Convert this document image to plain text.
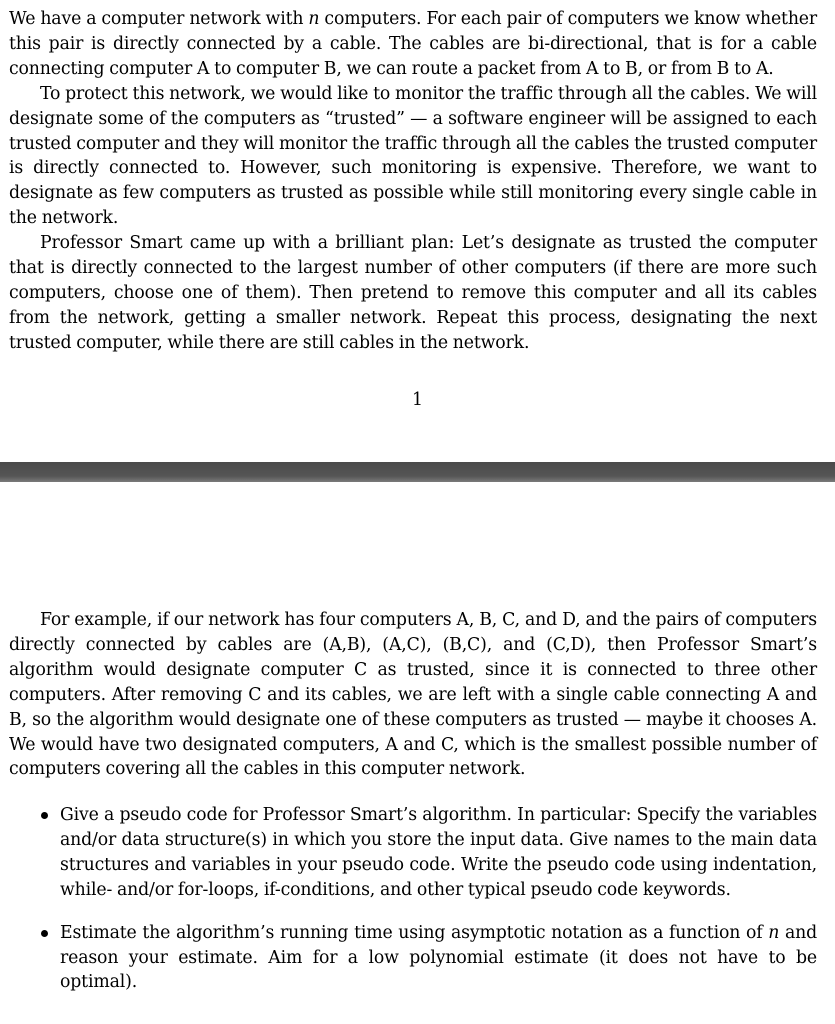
We have a computer network with n computers. For each pair of computers we know whether this pair is directly connected by a cable. The cables are bi-directional, that is for a cable connecting computer A to computer B, we can route a packet from A to B, or from B to A.

To protect this network, we would like to monitor the traffic through all the cables. We will designate some of the computers as “trusted” — a software engineer will be assigned to each trusted computer and they will monitor the traffic through all the cables the trusted computer is directly connected to. However, such monitoring is expensive. Therefore, we want to designate as few computers as trusted as possible while still monitoring every single cable in the network.

Professor Smart came up with a brilliant plan: Let’s designate as trusted the computer that is directly connected to the largest number of other computers (if there are more such computers, choose one of them). Then pretend to remove this computer and all its cables from the network, getting a smaller network. Repeat this process, designating the next trusted computer, while there are still cables in the network.

1

For example, if our network has four computers A, B, C, and D, and the pairs of computers directly connected by cables are (A,B), (A,C), (B,C), and (C,D), then Professor Smart’s algorithm would designate computer C as trusted, since it is connected to three other computers. After removing C and its cables, we are left with a single cable connecting A and B, so the algorithm would designate one of these computers as trusted — maybe it chooses A. We would have two designated computers, A and C, which is the smallest possible number of computers covering all the cables in this computer network.

Give a pseudo code for Professor Smart’s algorithm. In particular: Specify the variables and/or data structure(s) in which you store the input data. Give names to the main data structures and variables in your pseudo code. Write the pseudo code using indentation, while- and/or for-loops, if-conditions, and other typical pseudo code keywords.
Estimate the algorithm’s running time using asymptotic notation as a function of n and reason your estimate. Aim for a low polynomial estimate (it does not have to be optimal).
